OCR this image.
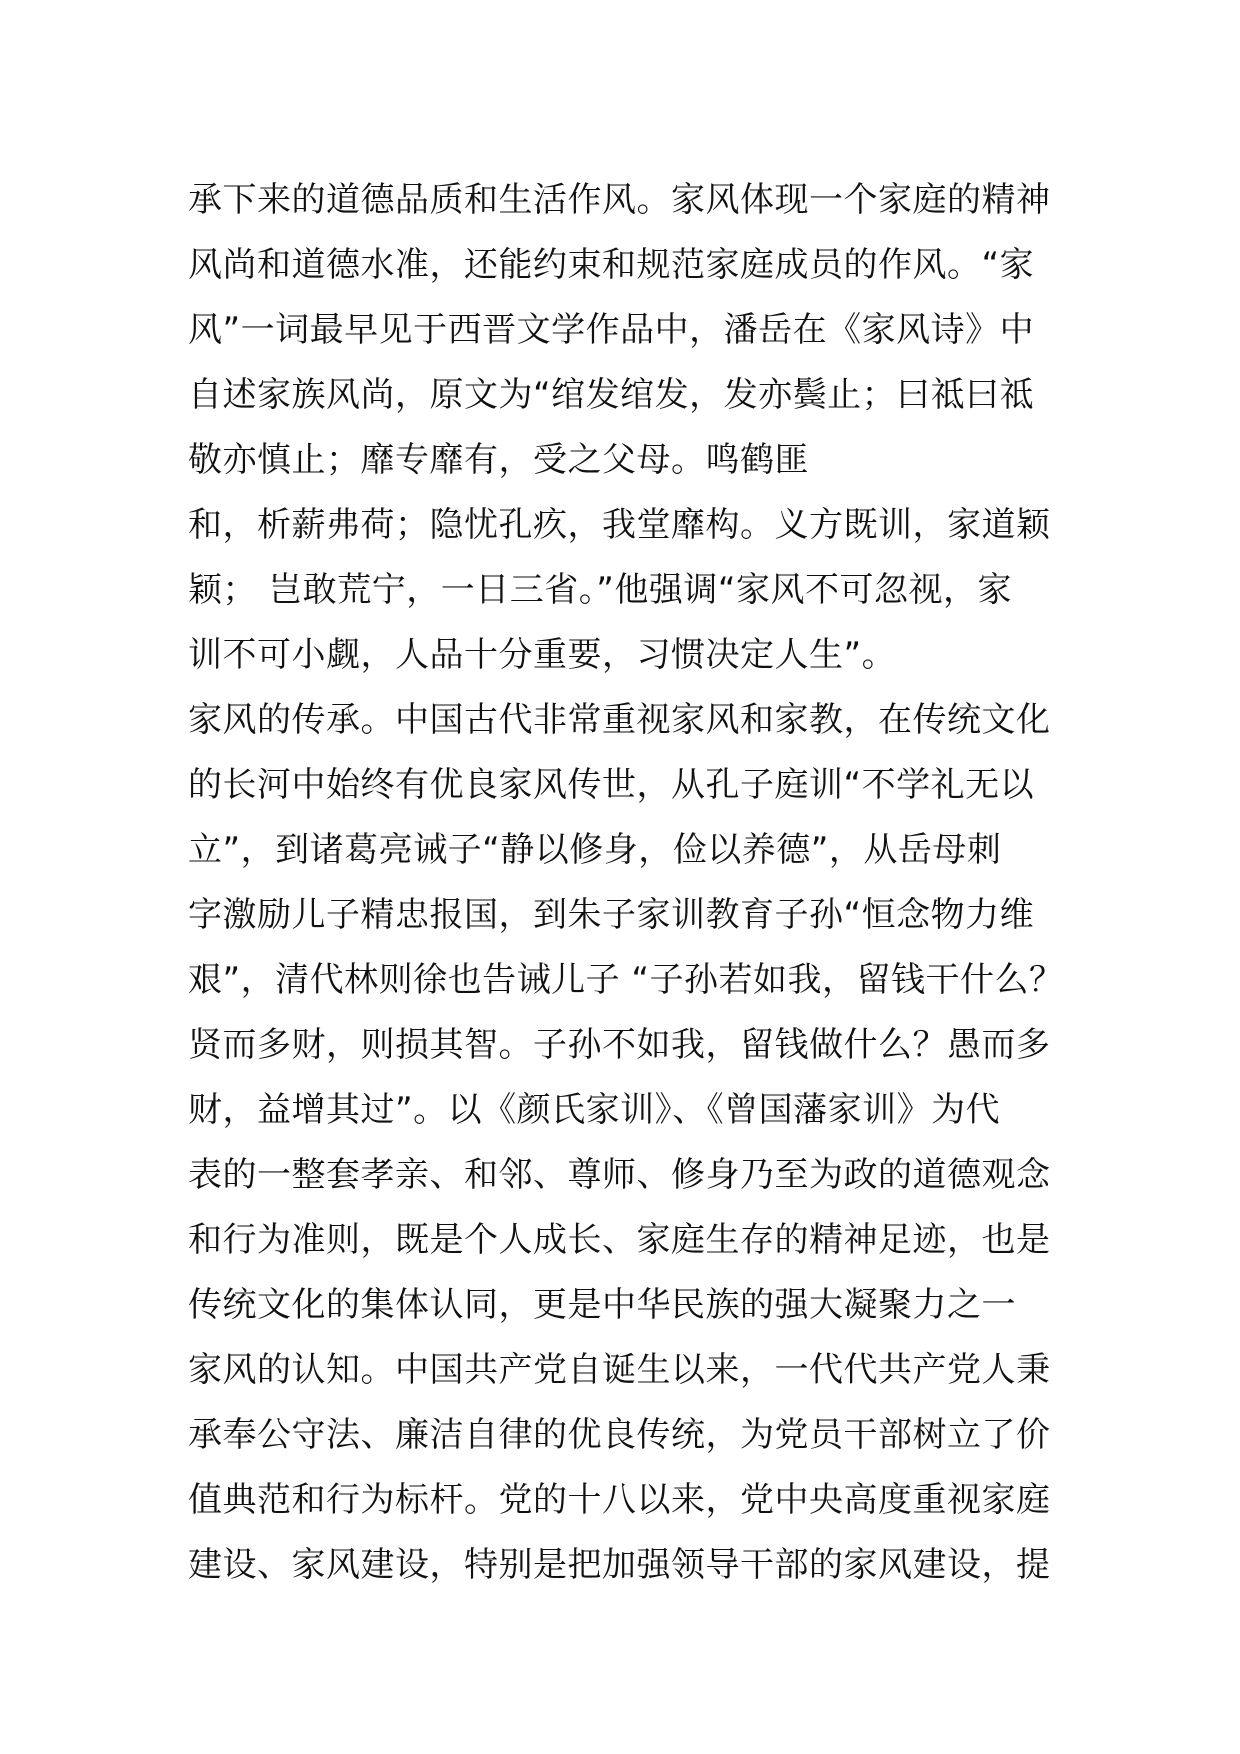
承下来的道德品质和生活作风。家风体现一个家庭的精神
风尚和道德水准，还能约束和规范家庭成员的作风。“家
风”一词最早见于西晋文学作品中，潘岳在《家风诗》中
自述家族风尚，原文为“绾发绾发，发亦鬓止；曰祗曰祗
敬亦慎止；靡专靡有，受之父母。鸣鹤匪
和，析薪弗荷；隐忧孔疚，我堂靡构。义方既训，家道颖
颖； 岂敢荒宁，一日三省。”他强调“家风不可忽视，家
训不可小觑，人品十分重要，习惯决定人生”。
家风的传承。中国古代非常重视家风和家教，在传统文化
的长河中始终有优良家风传世，从孔子庭训“不学礼无以
立”，到诸葛亮诫子“静以修身，俭以养德”，从岳母刺
字激励儿子精忠报国，到朱子家训教育子孙“恒念物力维
艰”，清代林则徐也告诫儿子 “子孙若如我，留钱干什么？
贤而多财，则损其智。子孙不如我，留钱做什么？愚而多
财，益增其过”。以《颜氏家训》、《曾国藩家训》为代
表的一整套孝亲、和邻、尊师、修身乃至为政的道德观念
和行为准则，既是个人成长、家庭生存的精神足迹，也是
传统文化的集体认同，更是中华民族的强大凝聚力之一
家风的认知。中国共产党自诞生以来，一代代共产党人秉
承奉公守法、廉洁自律的优良传统，为党员干部树立了价
值典范和行为标杆。党的十八以来，党中央高度重视家庭
建设、家风建设，特别是把加强领导干部的家风建设，提
